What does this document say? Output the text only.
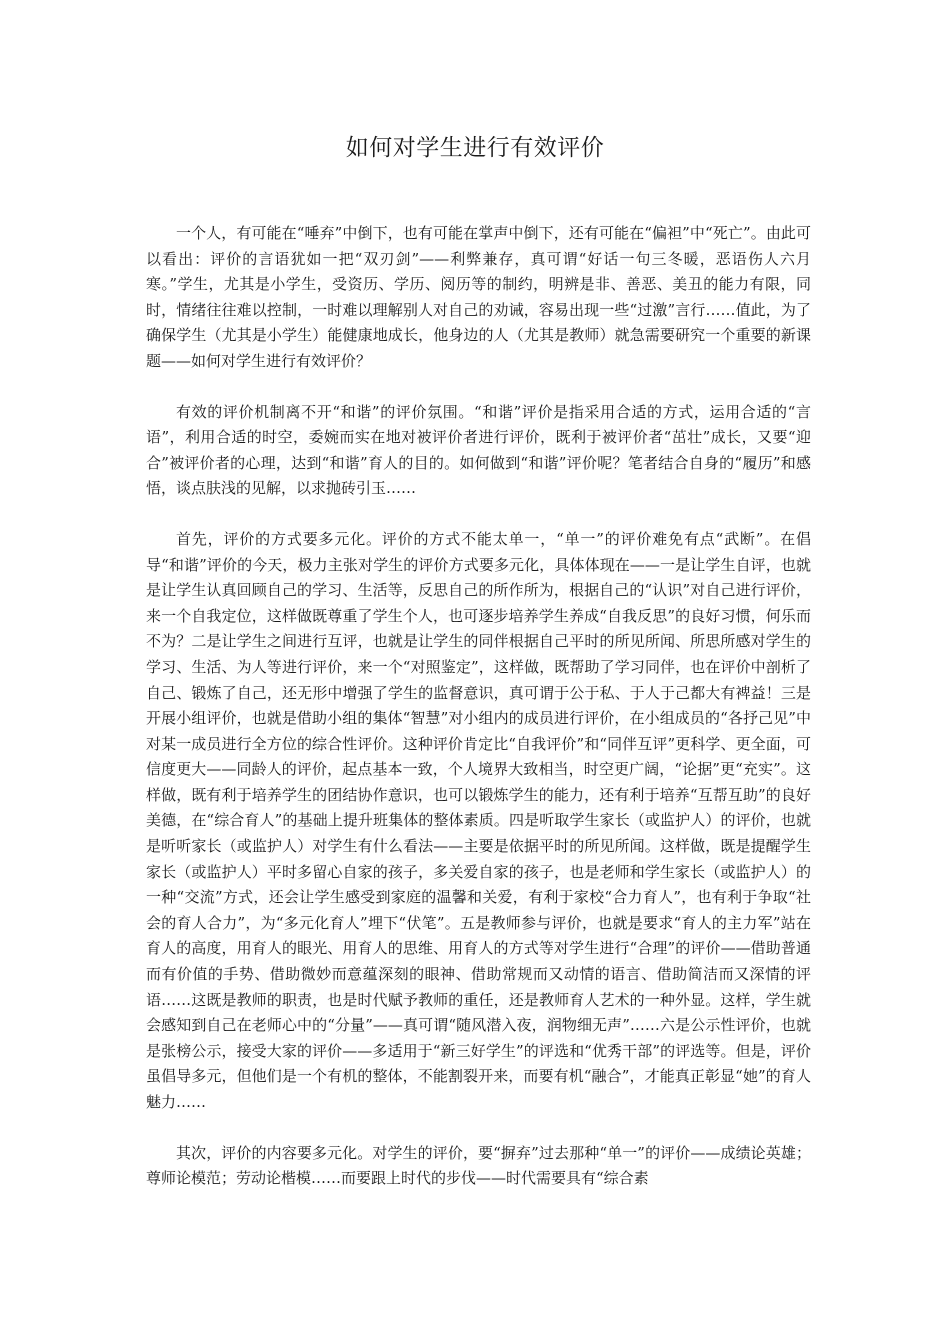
如何对学生进行有效评价

一个人，有可能在“唾弃”中倒下，也有可能在掌声中倒下，还有可能在“偏袒”中“死亡”。由此可以看出：评价的言语犹如一把“双刃剑”——利弊兼存，真可谓“好话一句三冬暖，恶语伤人六月寒。”学生，尤其是小学生，受资历、学历、阅历等的制约，明辨是非、善恶、美丑的能力有限，同时，情绪往往难以控制，一时难以理解别人对自己的劝诫，容易出现一些“过激”言行……值此，为了确保学生（尤其是小学生）能健康地成长，他身边的人（尤其是教师）就急需要研究一个重要的新课题——如何对学生进行有效评价？

有效的评价机制离不开“和谐”的评价氛围。“和谐”评价是指采用合适的方式，运用合适的“言语”，利用合适的时空，委婉而实在地对被评价者进行评价，既利于被评价者“茁壮”成长，又要“迎合”被评价者的心理，达到“和谐”育人的目的。如何做到“和谐”评价呢？笔者结合自身的“履历”和感悟，谈点肤浅的见解，以求抛砖引玉……

首先，评价的方式要多元化。评价的方式不能太单一，“单一”的评价难免有点“武断”。在倡导“和谐”评价的今天，极力主张对学生的评价方式要多元化，具体体现在——一是让学生自评，也就是让学生认真回顾自己的学习、生活等，反思自己的所作所为，根据自己的“认识”对自己进行评价，来一个自我定位，这样做既尊重了学生个人，也可逐步培养学生养成“自我反思”的良好习惯，何乐而不为？二是让学生之间进行互评，也就是让学生的同伴根据自己平时的所见所闻、所思所感对学生的学习、生活、为人等进行评价，来一个“对照鉴定”，这样做，既帮助了学习同伴，也在评价中剖析了自己、锻炼了自己，还无形中增强了学生的监督意识，真可谓于公于私、于人于己都大有裨益！三是开展小组评价，也就是借助小组的集体“智慧”对小组内的成员进行评价，在小组成员的“各抒己见”中对某一成员进行全方位的综合性评价。这种评价肯定比“自我评价”和“同伴互评”更科学、更全面，可信度更大——同龄人的评价，起点基本一致，个人境界大致相当，时空更广阔，“论据”更“充实”。这样做，既有利于培养学生的团结协作意识，也可以锻炼学生的能力，还有利于培养“互帮互助”的良好美德，在“综合育人”的基础上提升班集体的整体素质。四是听取学生家长（或监护人）的评价，也就是听听家长（或监护人）对学生有什么看法——主要是依据平时的所见所闻。这样做，既是提醒学生家长（或监护人）平时多留心自家的孩子，多关爱自家的孩子，也是老师和学生家长（或监护人）的一种“交流”方式，还会让学生感受到家庭的温馨和关爱，有利于家校“合力育人”，也有利于争取“社会的育人合力”，为“多元化育人”埋下“伏笔”。五是教师参与评价，也就是要求“育人的主力军”站在育人的高度，用育人的眼光、用育人的思维、用育人的方式等对学生进行“合理”的评价——借助普通而有价值的手势、借助微妙而意蕴深刻的眼神、借助常规而又动情的语言、借助简洁而又深情的评语……这既是教师的职责，也是时代赋予教师的重任，还是教师育人艺术的一种外显。这样，学生就会感知到自己在老师心中的“分量”——真可谓“随风潜入夜，润物细无声”……六是公示性评价，也就是张榜公示，接受大家的评价——多适用于“新三好学生”的评选和“优秀干部”的评选等。但是，评价虽倡导多元，但他们是一个有机的整体，不能割裂开来，而要有机“融合”，才能真正彰显“她”的育人魅力……

其次，评价的内容要多元化。对学生的评价，要“摒弃”过去那种“单一”的评价——成绩论英雄；尊师论模范；劳动论楷模……而要跟上时代的步伐——时代需要具有“综合素
